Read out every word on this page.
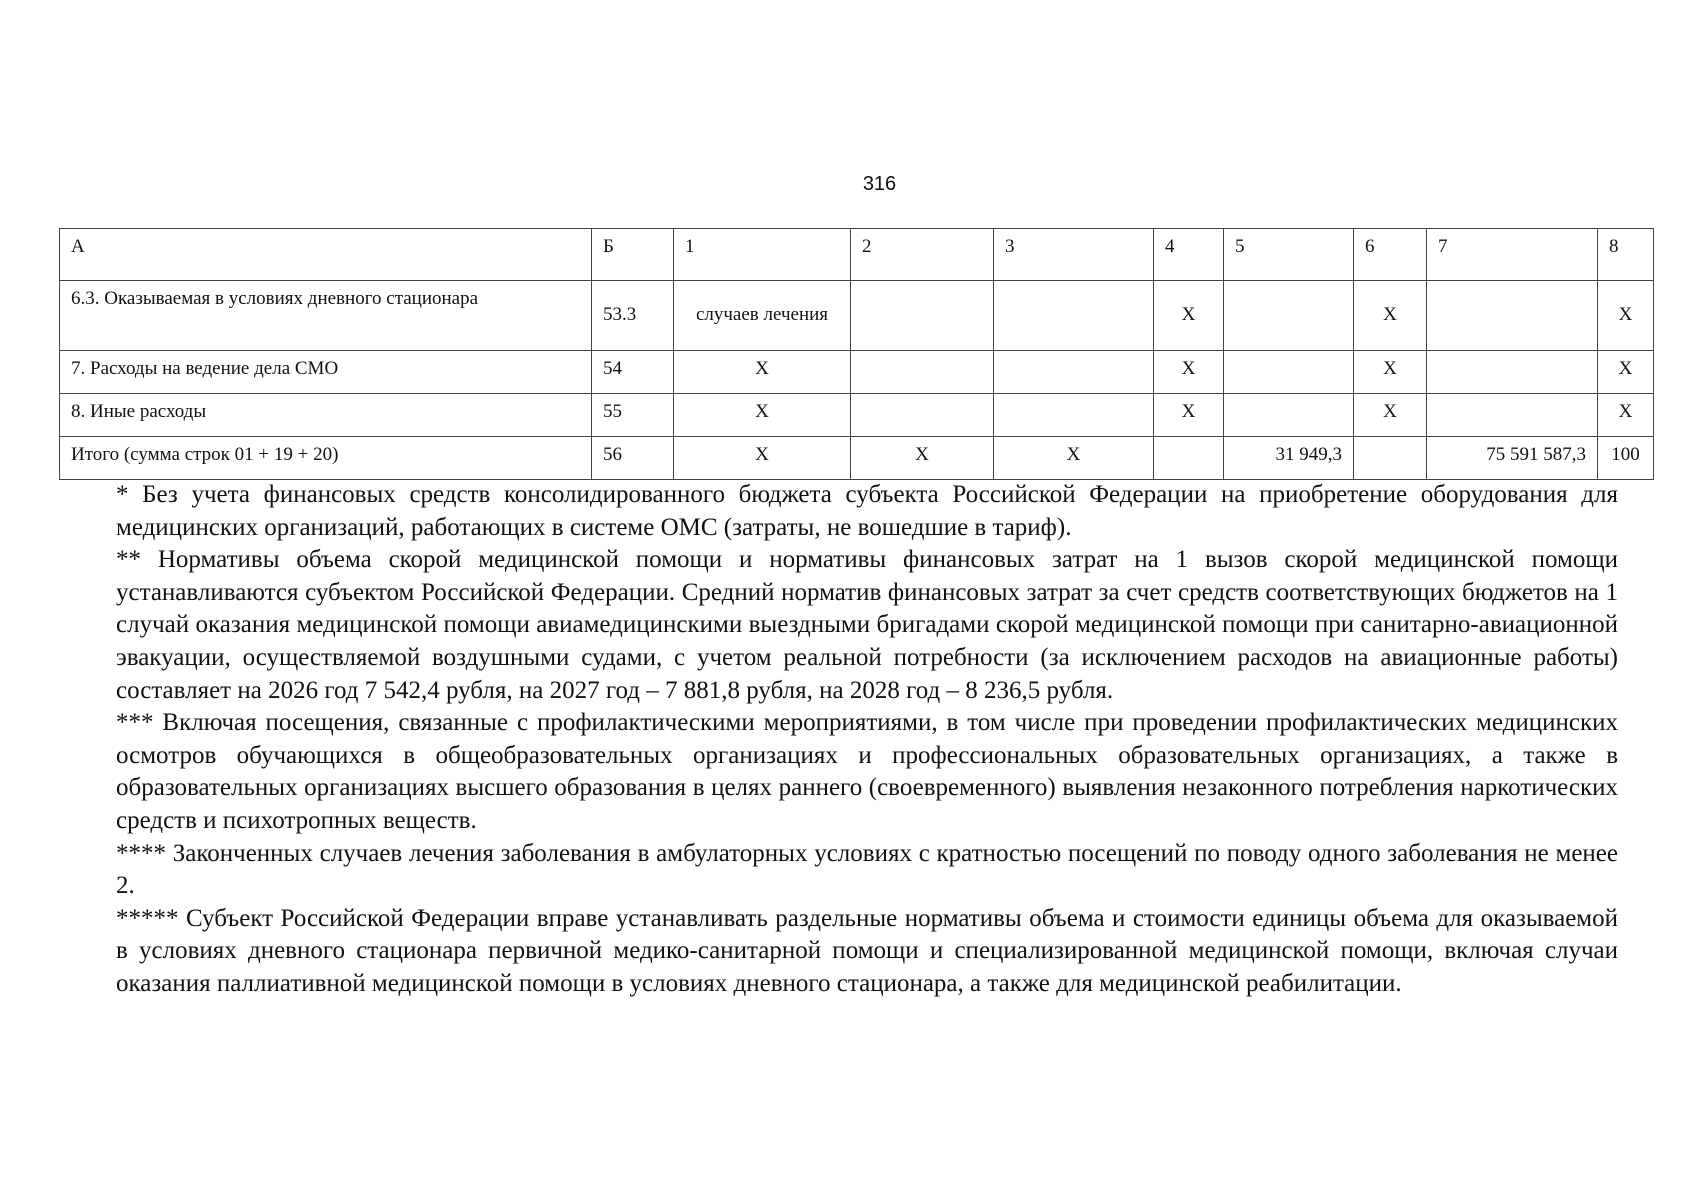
316
А	Б	1	2	3	4	5	6	7	8
6.3. Оказываемая в условиях дневного стационара	53.3	случаев лечения			X		X		X
7. Расходы на ведение дела СМО	54	X			X		X		X
8. Иные расходы	55	X			X		X		X
Итого (сумма строк 01 + 19 + 20)	56	X	X	X		31 949,3		75 591 587,3	100

* Без учета финансовых средств консолидированного бюджета субъекта Российской Федерации на приобретение оборудования для медицинских организаций, работающих в системе ОМС (затраты, не вошедшие в тариф).

** Нормативы объема скорой медицинской помощи и нормативы финансовых затрат на 1 вызов скорой медицинской помощи устанавливаются субъектом Российской Федерации. Средний норматив финансовых затрат за счет средств соответствующих бюджетов на 1 случай оказания медицинской помощи авиамедицинскими выездными бригадами скорой медицинской помощи при санитарно-авиационной эвакуации, осуществляемой воздушными судами, с учетом реальной потребности (за исключением расходов на авиационные работы) составляет на 2026 год 7 542,4 рубля, на 2027 год – 7 881,8 рубля, на 2028 год – 8 236,5 рубля.

*** Включая посещения, связанные с профилактическими мероприятиями, в том числе при проведении профилактических медицинских осмотров обучающихся в общеобразовательных организациях и профессиональных образовательных организациях, а также в образовательных организациях высшего образования в целях раннего (своевременного) выявления незаконного потребления наркотических средств и психотропных веществ.

**** Законченных случаев лечения заболевания в амбулаторных условиях с кратностью посещений по поводу одного заболевания не менее 2.

***** Субъект Российской Федерации вправе устанавливать раздельные нормативы объема и стоимости единицы объема для оказываемой в условиях дневного стационара первичной медико-санитарной помощи и специализированной медицинской помощи, включая случаи оказания паллиативной медицинской помощи в условиях дневного стационара, а также для медицинской реабилитации.
